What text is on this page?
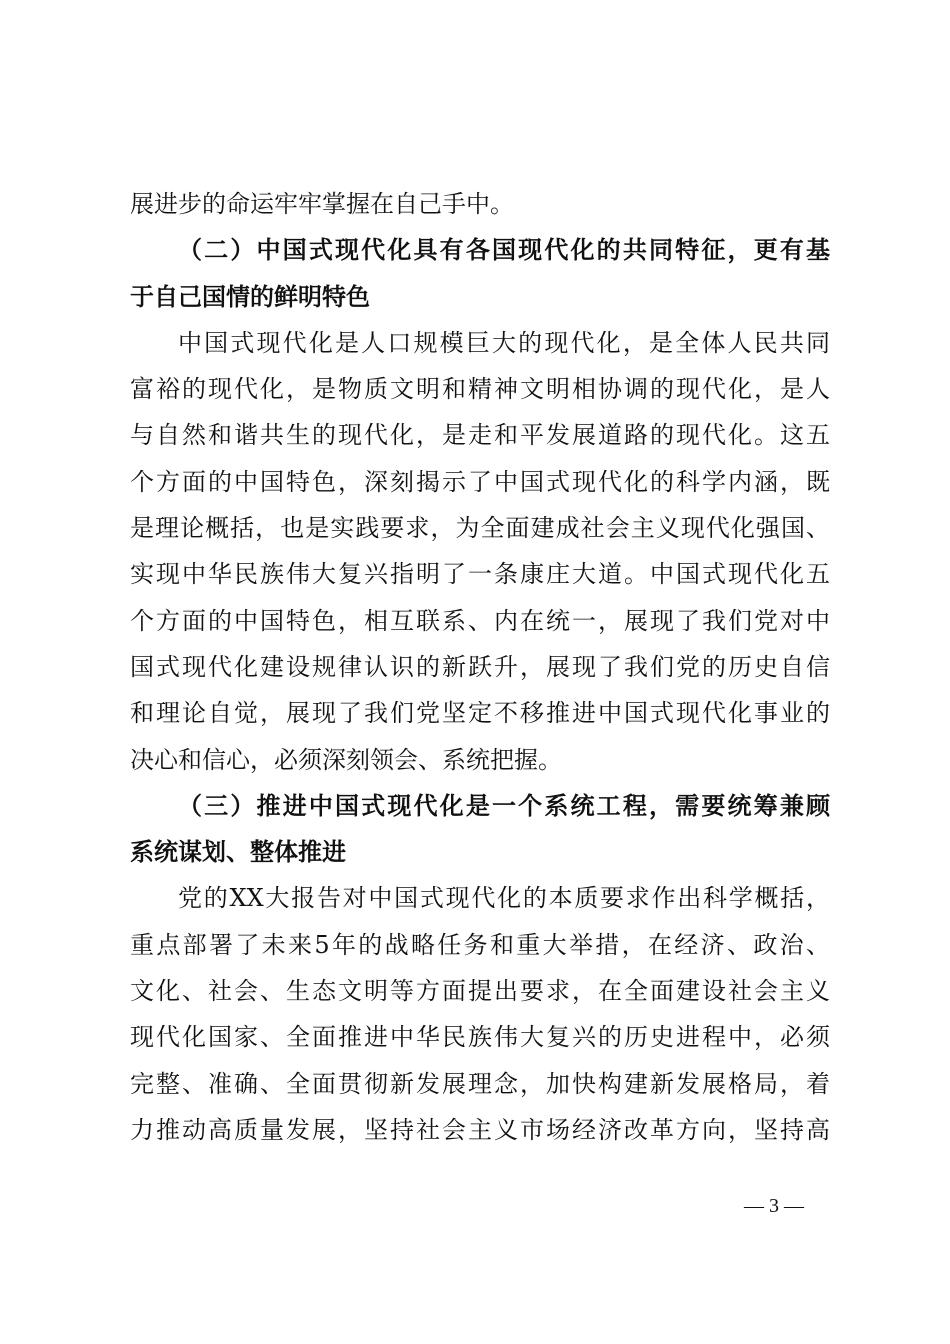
展进步的命运牢牢掌握在自己手中。
（二）中国式现代化具有各国现代化的共同特征，更有基
于自己国情的鲜明特色
中国式现代化是人口规模巨大的现代化，是全体人民共同
富裕的现代化，是物质文明和精神文明相协调的现代化，是人
与自然和谐共生的现代化，是走和平发展道路的现代化。这五
个方面的中国特色，深刻揭示了中国式现代化的科学内涵，既
是理论概括，也是实践要求，为全面建成社会主义现代化强国、
实现中华民族伟大复兴指明了一条康庄大道。中国式现代化五
个方面的中国特色，相互联系、内在统一，展现了我们党对中
国式现代化建设规律认识的新跃升，展现了我们党的历史自信
和理论自觉，展现了我们党坚定不移推进中国式现代化事业的
决心和信心，必须深刻领会、系统把握。
（三）推进中国式现代化是一个系统工程，需要统筹兼顾
系统谋划、整体推进
党的XX大报告对中国式现代化的本质要求作出科学概括，
重点部署了未来5年的战略任务和重大举措，在经济、政治、
文化、社会、生态文明等方面提出要求，在全面建设社会主义
现代化国家、全面推进中华民族伟大复兴的历史进程中，必须
完整、准确、全面贯彻新发展理念，加快构建新发展格局，着
力推动高质量发展，坚持社会主义市场经济改革方向，坚持高
— 3 —
